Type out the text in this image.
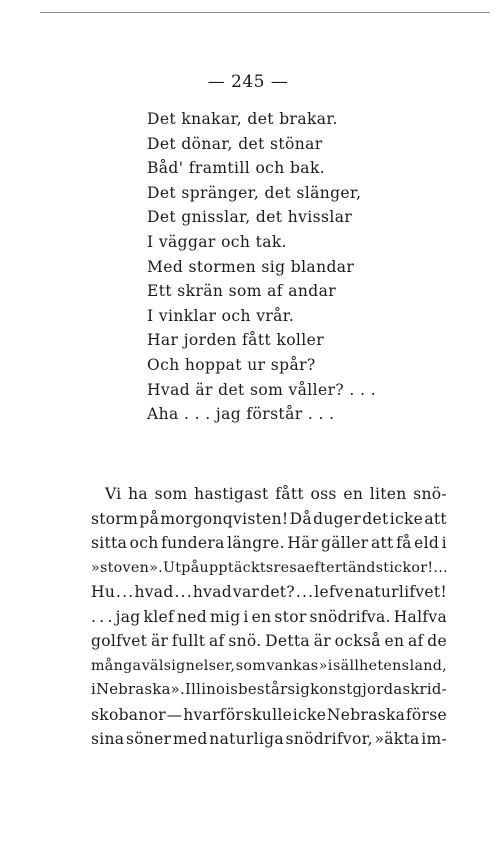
— 245 —
Det knakar, det brakar.
Det dönar, det stönar
Båd' framtill och bak.
Det spränger, det slänger,
Det gnisslar, det hvisslar
I väggar och tak.
Med stormen sig blandar
Ett skrän som af andar
I vinklar och vrår.
Har jorden fått koller
Och hoppat ur spår?
Hvad är det som våller? . . .
Aha . . . jag förstår . . .
Vi ha som hastigast fått oss en liten snö-
storm på morgonqvisten! Då duger det icke att
sitta och fundera längre. Här gäller att få eld i
»stoven». Ut på upptäcktsresa efter tändstickor! . . .
Hu . . . hvad . . . hvad var det? . . . lefve naturlifvet!
. . . jag klef ned mig i en stor snödrifva. Halfva
golfvet är fullt af snö. Detta är också en af de
många välsignelser, som vankas »i sällhetens land,
i Nebraska». Illinois består sig konstgjorda skrid-
skobanor — hvarför skulle icke Nebraska förse
sina söner med naturliga snödrifvor, »äkta im-
